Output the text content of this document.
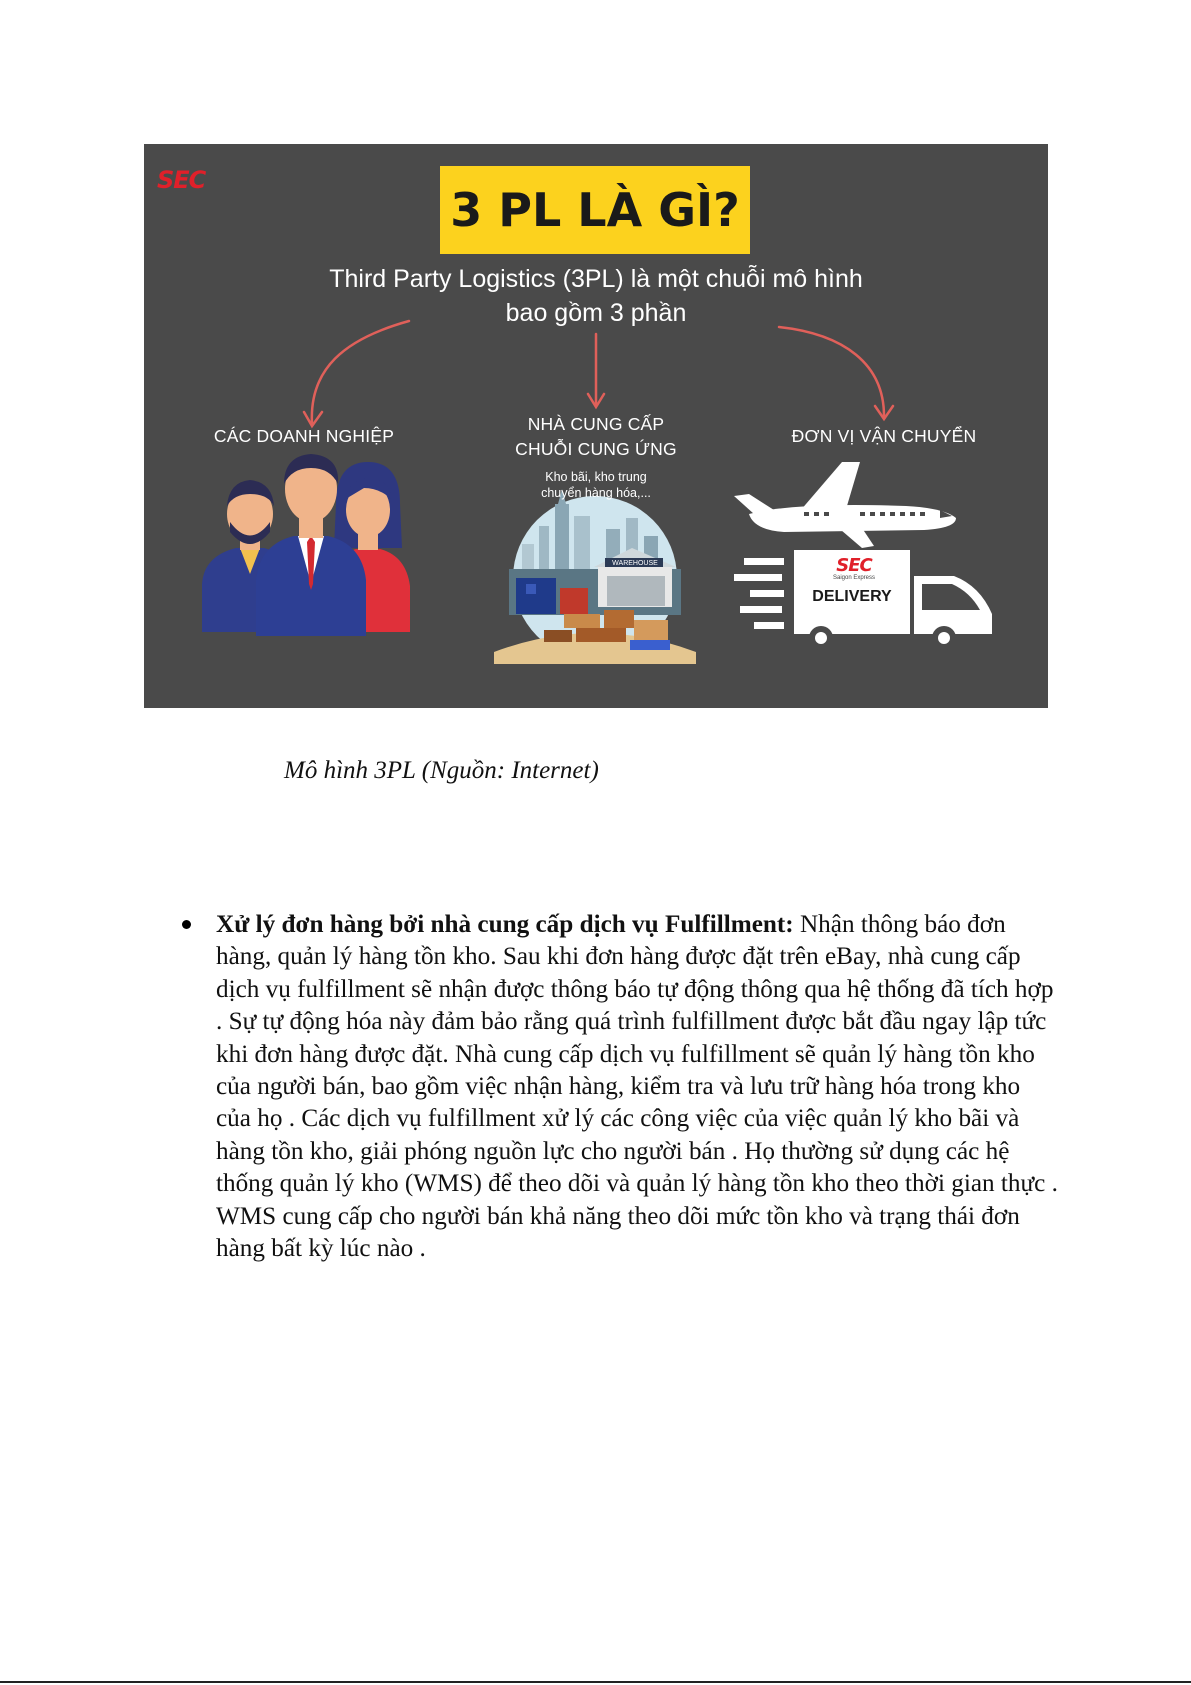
SEC
3 PL LÀ GÌ?
Third Party Logistics (3PL) là một chuỗi mô hình
bao gồm 3 phần
CÁC DOANH NGHIỆP
NHÀ CUNG CẤP
CHUỖI CUNG ỨNG
Kho bãi, kho trung
chuyển hàng hóa,...
ĐƠN VỊ VẬN CHUYỂN
WAREHOUSE	SEC
Saigon Express
DELIVERY
Mô hình 3PL (Nguồn: Internet)
Xử lý đơn hàng bởi nhà cung cấp dịch vụ Fulfillment: Nhận thông báo đơn hàng, quản lý hàng tồn kho. Sau khi đơn hàng được đặt trên eBay, nhà cung cấp dịch vụ fulfillment sẽ nhận được thông báo tự động thông qua hệ thống đã tích hợp . Sự tự động hóa này đảm bảo rằng quá trình fulfillment được bắt đầu ngay lập tức khi đơn hàng được đặt. Nhà cung cấp dịch vụ fulfillment sẽ quản lý hàng tồn kho của người bán, bao gồm việc nhận hàng, kiểm tra và lưu trữ hàng hóa trong kho của họ . Các dịch vụ fulfillment xử lý các công việc của việc quản lý kho bãi và hàng tồn kho, giải phóng nguồn lực cho người bán . Họ thường sử dụng các hệ thống quản lý kho (WMS) để theo dõi và quản lý hàng tồn kho theo thời gian thực . WMS cung cấp cho người bán khả năng theo dõi mức tồn kho và trạng thái đơn hàng bất kỳ lúc nào .
